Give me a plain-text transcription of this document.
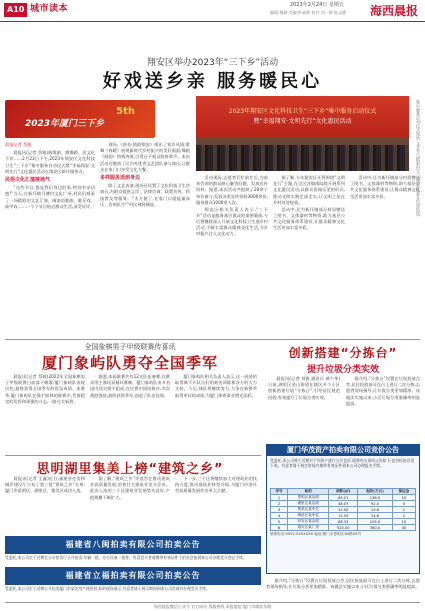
A10 城市读本	2023年2月24日 星期五
编辑:黎静 美编:叶丽香 校对:刘一群 陈文德 海西晨报
翔安区举办2023年“三下乡”活动
好戏送乡亲 服务暖民心
5th
2023年厦门三下乡
2023年翔安区文化科技卫生“三下乡”集中服务启动仪式
暨“幸福翔安·文明先行”文化惠民活动	集中服务启动仪式现场,文艺节目精彩纷呈。(翔安区委宣传部供图)
晨报记者 蔡媛

晨报讯(记者 蔡媛)唱歌剧、跳舞蹈、送文化下乡……2月23日下午,2023年翔安区文化科技卫生“三下乡”集中服务启动仪式暨“幸福翔安·文明先行”文化惠民活动在翔安区新圩镇举办。

民俗文化汇演接地气

“这些节目,都是我们身边的事,特别有亲切感!”当天,在新圩镇马塘村文化广场,村民们观看了一场精彩的文艺汇演。闽南语歌曲、歌仔戏、高甲戏……一个个节目贴近群众生活,深受好评。

现场,《南音·情韵翔安》唱出了家乡风情;歌舞《春暖》展现新时代乡村振兴的美好画面;舞蹈《鼓韵》热情奔放,引得台下观众阵阵掌声。本次活动还邀请了区内外优秀文艺团队参与演出,让群众在家门口享受文化大餐。

多样服务送到身边

除了文艺表演,现场还设置了文化科技卫生咨询台,为群众提供义诊、法律咨询、政策宣传、科技普及等服务。“太方便了,在家门口就能量血压、咨询医生!”村民林阿姨说。

活动现场,志愿者们忙前忙后,为前来咨询的群众耐心解答问题、发放宣传资料。据悉,本次活动共组织了20余个单位参与,发放各类宣传资料3000余份,服务群众1000余人次。

翔安区相关负责人表示,“三下乡”活动是服务基层群众的重要载体,今后将继续深入开展文化科技卫生进乡村活动,不断丰富群众精神文化生活,为乡村振兴注入文化动力。

据了解,今年翔安区还将围绕“文明先行”主题,在全区各镇街陆续开展系列文化惠民活动,以群众喜闻乐见的形式,推动文明实践走深走实,让文明之花在乡村处处绽放。

活动中,还为新圩镇部分村居赠送了图书、文体器材等物资,助力基层公共文化服务体系建设,让群众精神文化生活更加丰富多彩。

活动中,还为新圩镇部分村居赠送了图书、文体器材等物资,助力基层公共文化服务体系建设,让群众精神文化生活更加丰富多彩。

全国象棋男子甲级联赛传喜讯
厦门象屿队勇夺全国季军

晨报讯(记者 蔡媛)2022年全国象棋男子甲级联赛日前落下帷幕,厦门象屿队表现出色,最终获得全国季军的优异成绩。本赛季,厦门象屿队在强手如林的联赛中,凭借稳定的发挥和顽强的斗志,一路过关斩将。

据悉,本届联赛共有12支队伍参赛,比赛采用主客场双循环赛制。厦门象屿队由多名国内顶尖棋手组成,在比赛中团结协作,多次战胜强敌,最终获得季军,创造了队史佳绩。

厦门象屿队相关负责人表示,这一成绩的取得离不开队员们的刻苦训练和各方的大力支持。今后,球队将继续努力,力争在新赛季取得更好的成绩,为厦门体育事业增光添彩。

创新搭建“分拣台”
提升垃圾分类实效

晨报讯(记者 刘雅 通讯员 黄少华)日前,湖里区金山街道在辖区多个小区创新搭建垃圾“分拣台”,引导居民规范投放,有效提升了垃圾分类实效。

据介绍,“分拣台”设置在垃圾投放点旁,居民投放前可在台上进行二次分拣,志愿者现场指导,让垃圾分类更加精准。该做法实施以来,小区垃圾分类准确率明显提高。

思明湖里集美上榜“建筑之乡”

晨报讯(记者 王鑫)近日,福建省住房和城乡建设厅公布了第三批“建筑之乡”名单,厦门市思明区、湖里区、集美区成功入选。

据了解,“建筑之乡”评选旨在推动建筑业高质量发展,培育壮大建筑业龙头企业。此次入选的三个区建筑业发展势头良好,产值规模不断扩大。

下一步,三个区将继续加大对建筑业的扶持力度,推动建筑业转型升级,为厦门经济社会高质量发展作出更大贡献。

厦门华茂资产拍卖有限公司竞价公告
受委托,本公司将于近期对下列资产进行公开竞价,现将有关事项公告如下:竞价标的详见下表。有意者请于规定时间内携带有效证件到本公司办理报名手续。
序号	标的	面积(㎡)	起价(万元)	保证金
1	思明区某店面	65.21	138.5	10
2	湖里区某店面	48.07	92.0	5
3	集美区某车位	12.50	15.8	1
4	海沧区某车位	12.50	14.6	1
5	同安区某店面	86.33	105.0	10
6	翔安区某厂房	520.00	360.0	30
联系电话:0592-5XXXXXX 地址:厦门市思明区XX路XX号
福建省八闽拍卖有限公司拍卖公告
受委托,本公司定于近期在公司拍卖厅公开拍卖:车辆一批、办公设备一批等。有意竞买者请携带有效证件于拍卖会前到本公司办理竞买登记手续。
福建省立福拍卖有限公司拍卖公告
受委托,本公司定于近期公开拍卖厦门市某处房产使用权,标的现场展示,有意者请于展示期间到本公司咨询并办理竞买手续。

据介绍,“分拣台”设置在垃圾投放点旁,居民投放前可在台上进行二次分拣,志愿者现场指导,让垃圾分类更加精准。该做法实施以来,小区垃圾分类准确率明显提高。

海西晨报微信公众号 官方网站 客服热线 本报地址:厦门市湖滨东路
